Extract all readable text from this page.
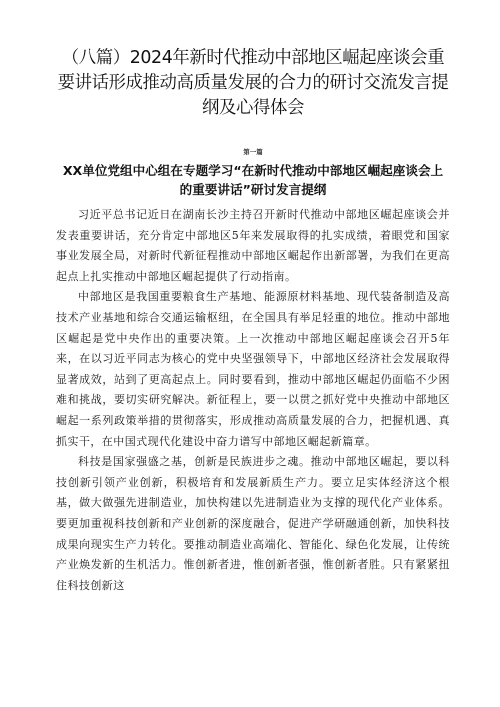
（八篇）2024年新时代推动中部地区崛起座谈会重要讲话形成推动高质量发展的合力的研讨交流发言提纲及心得体会
第一篇
XX单位党组中心组在专题学习“在新时代推动中部地区崛起座谈会上的重要讲话”研讨发言提纲

习近平总书记近日在湖南长沙主持召开新时代推动中部地区崛起座谈会并发表重要讲话，充分肯定中部地区5年来发展取得的扎实成绩，着眼党和国家事业发展全局，对新时代新征程推动中部地区崛起作出新部署，为我们在更高起点上扎实推动中部地区崛起提供了行动指南。

中部地区是我国重要粮食生产基地、能源原材料基地、现代装备制造及高技术产业基地和综合交通运输枢纽，在全国具有举足轻重的地位。推动中部地区崛起是党中央作出的重要决策。上一次推动中部地区崛起座谈会召开5年来，在以习近平同志为核心的党中央坚强领导下，中部地区经济社会发展取得显著成效，站到了更高起点上。同时要看到，推动中部地区崛起仍面临不少困难和挑战，要切实研究解决。新征程上，要一以贯之抓好党中央推动中部地区崛起一系列政策举措的贯彻落实，形成推动高质量发展的合力，把握机遇、真抓实干，在中国式现代化建设中奋力谱写中部地区崛起新篇章。

科技是国家强盛之基，创新是民族进步之魂。推动中部地区崛起，要以科技创新引领产业创新，积极培育和发展新质生产力。要立足实体经济这个根基，做大做强先进制造业，加快构建以先进制造业为支撑的现代化产业体系。要更加重视科技创新和产业创新的深度融合，促进产学研融通创新，加快科技成果向现实生产力转化。要推动制造业高端化、智能化、绿色化发展，让传统产业焕发新的生机活力。惟创新者进，惟创新者强，惟创新者胜。只有紧紧扭住科技创新这
